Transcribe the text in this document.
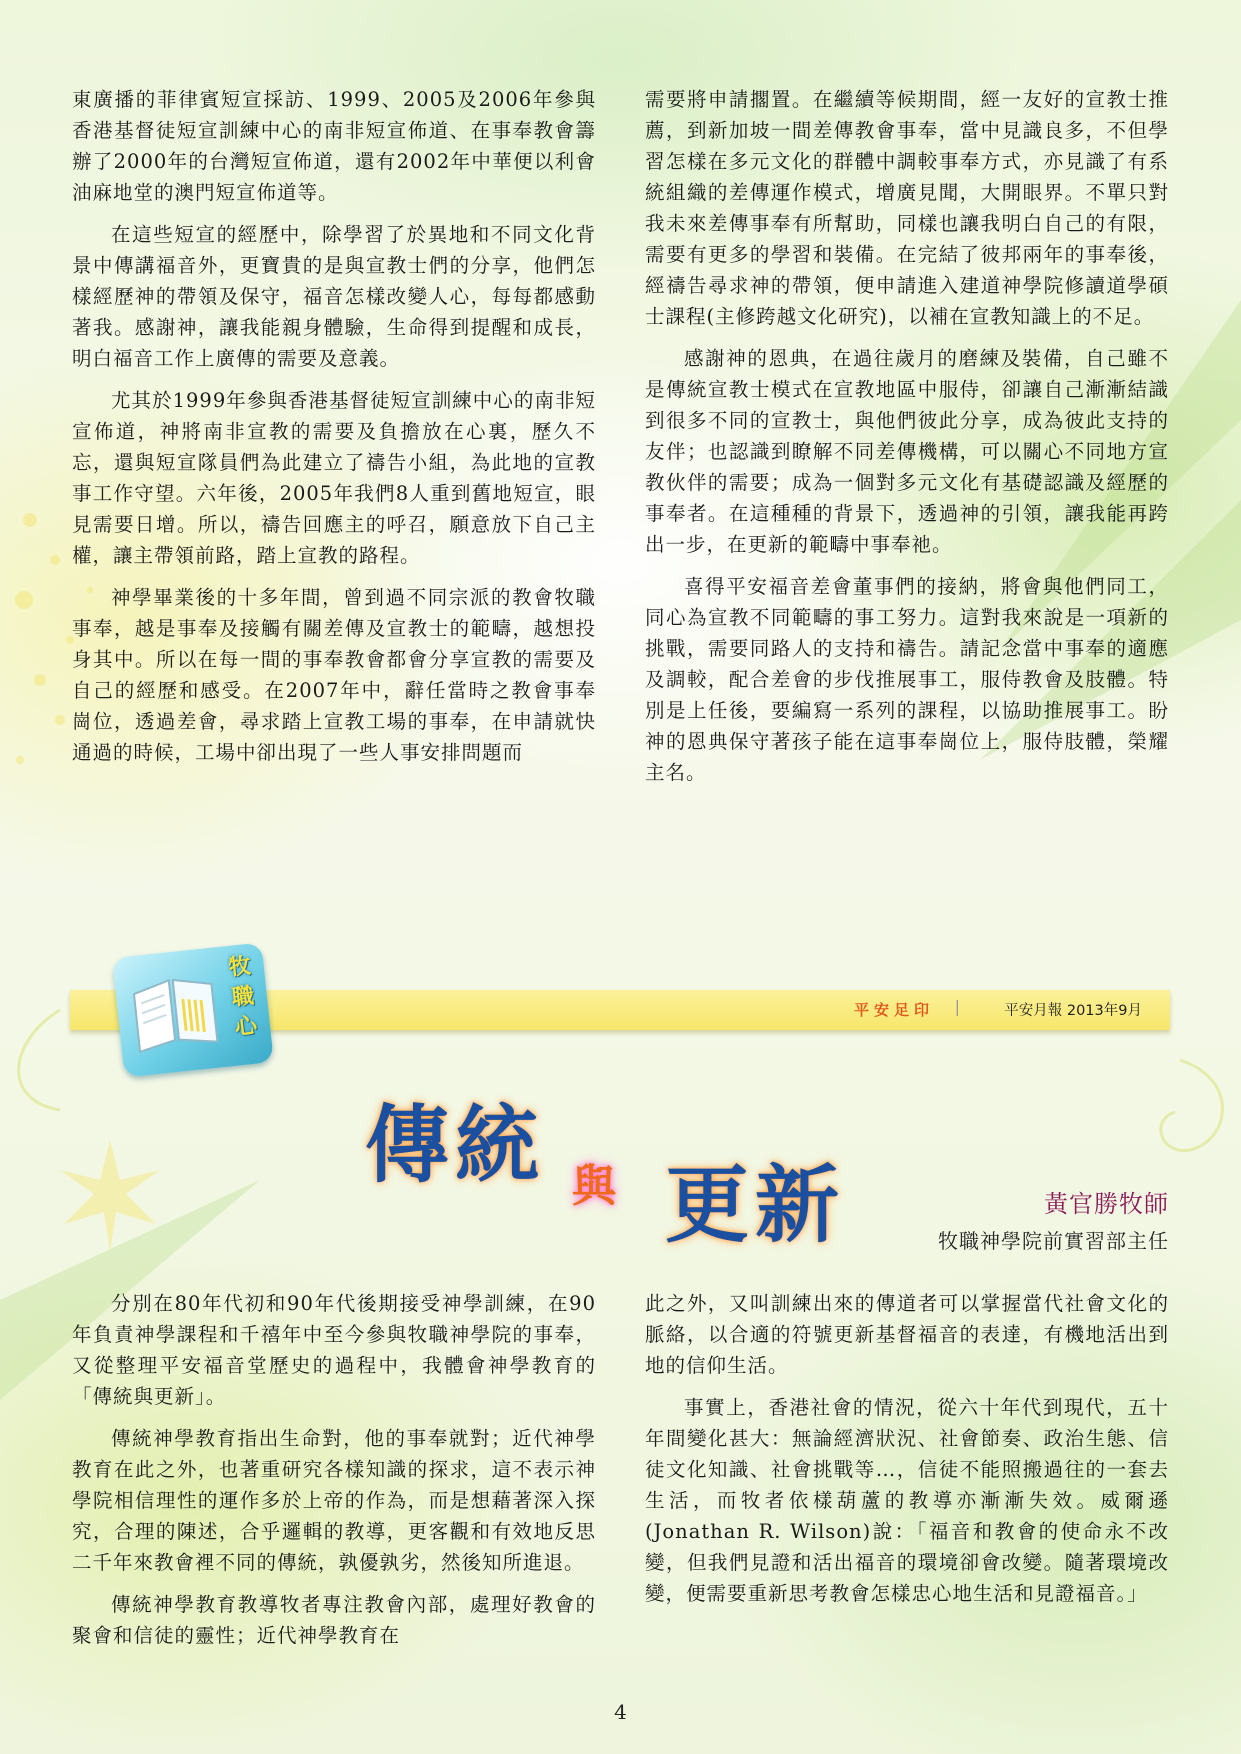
東廣播的菲律賓短宣採訪、1999、2005及2006年參與香港基督徒短宣訓練中心的南非短宣佈道、在事奉教會籌辦了2000年的台灣短宣佈道，還有2002年中華便以利會油麻地堂的澳門短宣佈道等。

在這些短宣的經歷中，除學習了於異地和不同文化背景中傳講福音外，更寶貴的是與宣教士們的分享，他們怎樣經歷神的帶領及保守，福音怎樣改變人心，每每都感動著我。感謝神，讓我能親身體驗，生命得到提醒和成長，明白福音工作上廣傳的需要及意義。

尤其於1999年參與香港基督徒短宣訓練中心的南非短宣佈道，神將南非宣教的需要及負擔放在心裏，歷久不忘，還與短宣隊員們為此建立了禱告小組，為此地的宣教事工作守望。六年後，2005年我們8人重到舊地短宣，眼見需要日增。所以，禱告回應主的呼召，願意放下自己主權，讓主帶領前路，踏上宣教的路程。

神學畢業後的十多年間，曾到過不同宗派的教會牧職事奉，越是事奉及接觸有關差傳及宣教士的範疇，越想投身其中。所以在每一間的事奉教會都會分享宣教的需要及自己的經歷和感受。在2007年中，辭任當時之教會事奉崗位，透過差會，尋求踏上宣教工場的事奉，在申請就快通過的時候，工場中卻出現了一些人事安排問題而

需要將申請擱置。在繼續等候期間，經一友好的宣教士推薦，到新加坡一間差傳教會事奉，當中見識良多，不但學習怎樣在多元文化的群體中調較事奉方式，亦見識了有系統組織的差傳運作模式，增廣見聞，大開眼界。不單只對我未來差傳事奉有所幫助，同樣也讓我明白自己的有限，需要有更多的學習和裝備。在完結了彼邦兩年的事奉後，經禱告尋求神的帶領，便申請進入建道神學院修讀道學碩士課程(主修跨越文化研究)，以補在宣教知識上的不足。

感謝神的恩典，在過往歲月的磨練及裝備，自己雖不是傳統宣教士模式在宣教地區中服侍，卻讓自己漸漸結識到很多不同的宣教士，與他們彼此分享，成為彼此支持的友伴；也認識到瞭解不同差傳機構，可以關心不同地方宣教伙伴的需要；成為一個對多元文化有基礎認識及經歷的事奉者。在這種種的背景下，透過神的引領，讓我能再跨出一步，在更新的範疇中事奉祂。

喜得平安福音差會董事們的接納，將會與他們同工，同心為宣教不同範疇的事工努力。這對我來說是一項新的挑戰，需要同路人的支持和禱告。請記念當中事奉的適應及調較，配合差會的步伐推展事工，服侍教會及肢體。特別是上任後，要編寫一系列的課程，以協助推展事工。盼神的恩典保守著孩子能在這事奉崗位上，服侍肢體，榮耀主名。

平安足印 |	平安月報 2013年9月
牧
職
心
傳 統 與 更 新	黃官勝牧師
牧職神學院前實習部主任

分別在80年代初和90年代後期接受神學訓練，在90年負責神學課程和千禧年中至今參與牧職神學院的事奉，又從整理平安福音堂歷史的過程中，我體會神學教育的「傳統與更新」。

傳統神學教育指出生命對，他的事奉就對；近代神學教育在此之外，也著重研究各樣知識的探求，這不表示神學院相信理性的運作多於上帝的作為，而是想藉著深入探究，合理的陳述，合乎邏輯的教導，更客觀和有效地反思二千年來教會裡不同的傳統，孰優孰劣，然後知所進退。

傳統神學教育教導牧者專注教會內部，處理好教會的聚會和信徒的靈性；近代神學教育在

此之外，又叫訓練出來的傳道者可以掌握當代社會文化的脈絡，以合適的符號更新基督福音的表達，有機地活出到地的信仰生活。

事實上，香港社會的情況，從六十年代到現代，五十年間變化甚大：無論經濟狀況、社會節奏、政治生態、信徒文化知識、社會挑戰等…，信徒不能照搬過往的一套去生活，而牧者依樣葫蘆的教導亦漸漸失效。威爾遜(Jonathan R. Wilson)說：「福音和教會的使命永不改變，但我們見證和活出福音的環境卻會改變。隨著環境改變，便需要重新思考教會怎樣忠心地生活和見證福音。」

4
